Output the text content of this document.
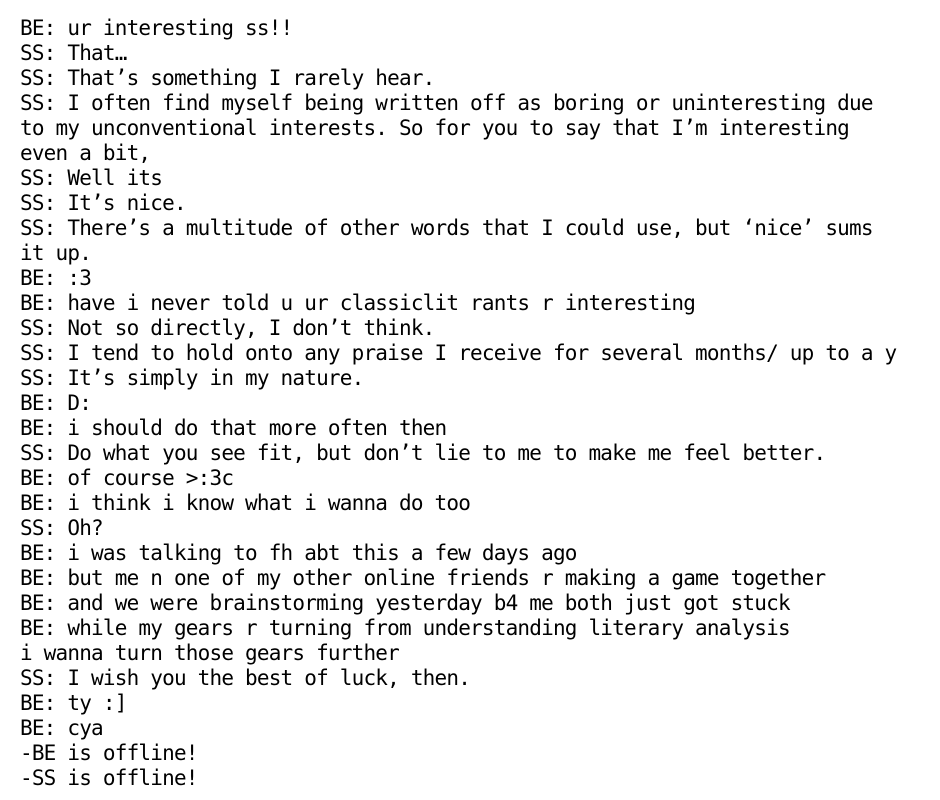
BE: ur interesting ss!!
SS: That…
SS: That’s something I rarely hear.
SS: I often find myself being written off as boring or uninteresting due
to my unconventional interests. So for you to say that I’m interesting
even a bit,
SS: Well its
SS: It’s nice.
SS: There’s a multitude of other words that I could use, but ‘nice’ sums
it up.
BE: :3
BE: have i never told u ur classiclit rants r interesting
SS: Not so directly, I don’t think.
SS: I tend to hold onto any praise I receive for several months/ up to a y
SS: It’s simply in my nature.
BE: D:
BE: i should do that more often then
SS: Do what you see fit, but don’t lie to me to make me feel better.
BE: of course >:3c
BE: i think i know what i wanna do too
SS: Oh?
BE: i was talking to fh abt this a few days ago
BE: but me n one of my other online friends r making a game together
BE: and we were brainstorming yesterday b4 me both just got stuck
BE: while my gears r turning from understanding literary analysis
i wanna turn those gears further
SS: I wish you the best of luck, then.
BE: ty :]
BE: cya
-BE is offline!
-SS is offline!
